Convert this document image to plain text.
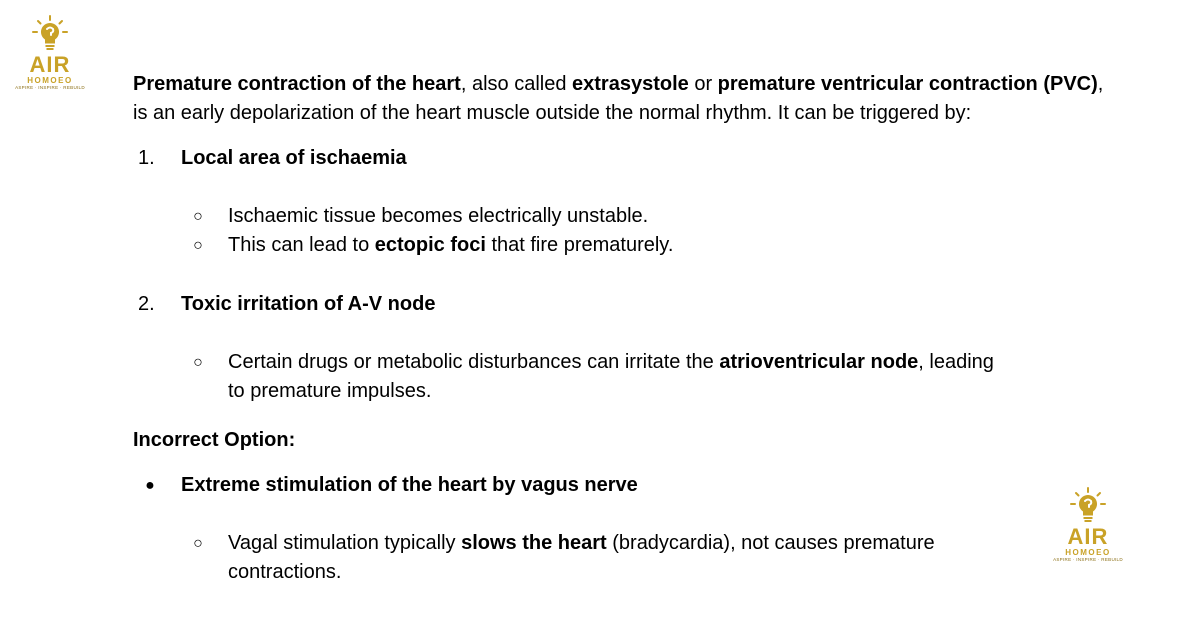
AIR
HOMOEO
ASPIRE · INSPIRE · REBUILD Premature contraction of the heart, also called extrasystole or premature ventricular contraction (PVC), is an early depolarization of the heart muscle outside the normal rhythm. It can be triggered by:
1.	Local area of ischaemia
○ Ischaemic tissue becomes electrically unstable.
○ This can lead to ectopic foci that fire prematurely.
2.	Toxic irritation of A-V node
○ Certain drugs or metabolic disturbances can irritate the atrioventricular node, leading to premature impulses.
Incorrect Option:
● Extreme stimulation of the heart by vagus nerve
○ Vagal stimulation typically slows the heart (bradycardia), not causes premature contractions.
AIR
HOMOEO
ASPIRE · INSPIRE · REBUILD
